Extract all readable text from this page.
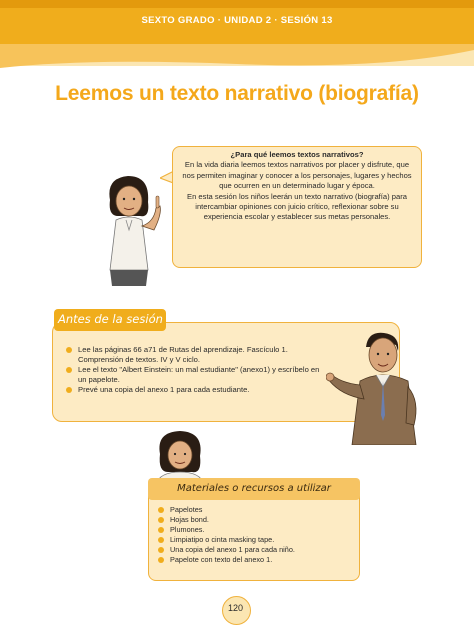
SEXTO GRADO · UNIDAD 2 · SESIÓN 13
Leemos un texto narrativo (biografía)
¿Para qué leemos textos narrativos?
En la vida diaria leemos textos narrativos por placer y disfrute, que nos permiten imaginar y conocer a los personajes, lugares y hechos que ocurren en un determinado lugar y época.
En esta sesión los niños leerán un texto narrativo (biografía) para intercambiar opiniones con juicio crítico, reflexionar sobre su experiencia escolar y establecer sus metas personales.
Antes de la sesión
Lee las páginas 66 a71 de Rutas del aprendizaje. Fascículo 1. Comprensión de textos. IV y V ciclo.
Lee el texto "Albert Einstein: un mal estudiante" (anexo1) y escríbelo en un papelote.
Prevé una copia del anexo 1 para cada estudiante.
Materiales o recursos a utilizar
Papelotes
Hojas bond.
Plumones.
Limpiatipo o cinta masking tape.
Una copia del anexo 1 para cada niño.
Papelote con texto del anexo 1.
120
